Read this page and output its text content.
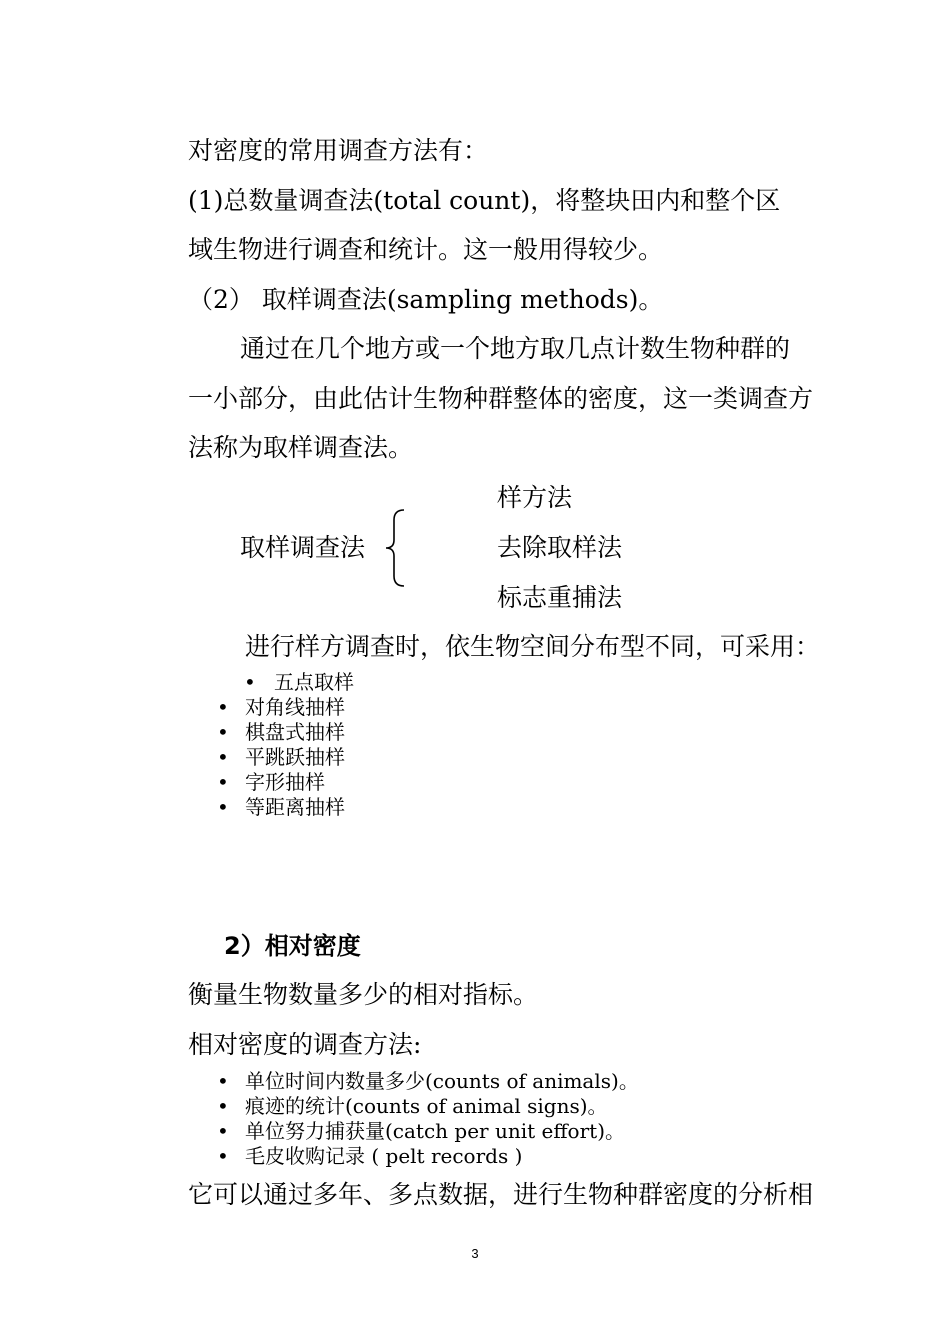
对密度的常用调查方法有：
(1)总数量调查法(total count)，将整块田内和整个区
域生物进行调查和统计。这一般用得较少。
（2） 取样调查法(sampling methods)。
通过在几个地方或一个地方取几点计数生物种群的
一小部分，由此估计生物种群整体的密度，这一类调查方
法称为取样调查法。
取样调查法
样方法
去除取样法
标志重捕法
进行样方调查时，依生物空间分布型不同，可采用：
• 五点取样
• 对角线抽样
• 棋盘式抽样
• 平跳跃抽样
• 字形抽样
• 等距离抽样
2）相对密度
衡量生物数量多少的相对指标。
相对密度的调查方法:
• 单位时间内数量多少(counts of animals)。
• 痕迹的统计(counts of animal signs)。
• 单位努力捕获量(catch per unit effort)。
• 毛皮收购记录 ( pelt records )
它可以通过多年、多点数据，进行生物种群密度的分析相
3
